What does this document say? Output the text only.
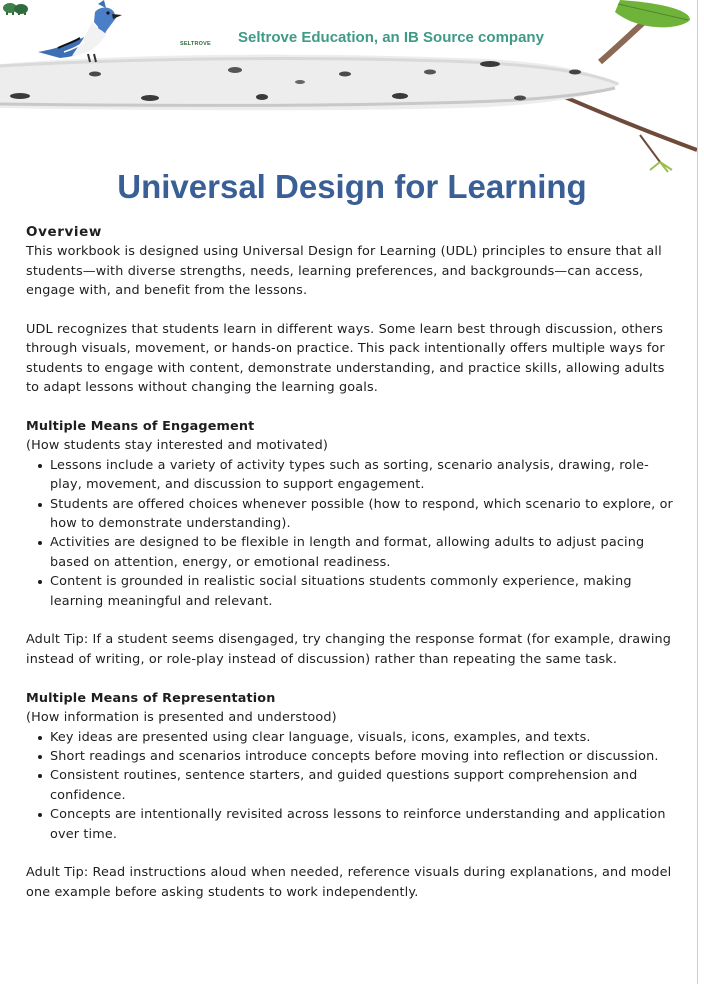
SELTROVE Seltrove Education, an IB Source company
Universal Design for Learning

Overview

This workbook is designed using Universal Design for Learning (UDL) principles to ensure that all students—with diverse strengths, needs, learning preferences, and backgrounds—can access, engage with, and benefit from the lessons.

UDL recognizes that students learn in different ways. Some learn best through discussion, others through visuals, movement, or hands-on practice. This pack intentionally offers multiple ways for students to engage with content, demonstrate understanding, and practice skills, allowing adults to adapt lessons without changing the learning goals.

Multiple Means of Engagement

(How students stay interested and motivated)

Lessons include a variety of activity types such as sorting, scenario analysis, drawing, role-play, movement, and discussion to support engagement.
Students are offered choices whenever possible (how to respond, which scenario to explore, or how to demonstrate understanding).
Activities are designed to be flexible in length and format, allowing adults to adjust pacing based on attention, energy, or emotional readiness.
Content is grounded in realistic social situations students commonly experience, making learning meaningful and relevant.

Adult Tip: If a student seems disengaged, try changing the response format (for example, drawing instead of writing, or role-play instead of discussion) rather than repeating the same task.

Multiple Means of Representation

(How information is presented and understood)

Key ideas are presented using clear language, visuals, icons, examples, and texts.
Short readings and scenarios introduce concepts before moving into reflection or discussion.
Consistent routines, sentence starters, and guided questions support comprehension and confidence.
Concepts are intentionally revisited across lessons to reinforce understanding and application over time.

Adult Tip: Read instructions aloud when needed, reference visuals during explanations, and model one example before asking students to work independently.
